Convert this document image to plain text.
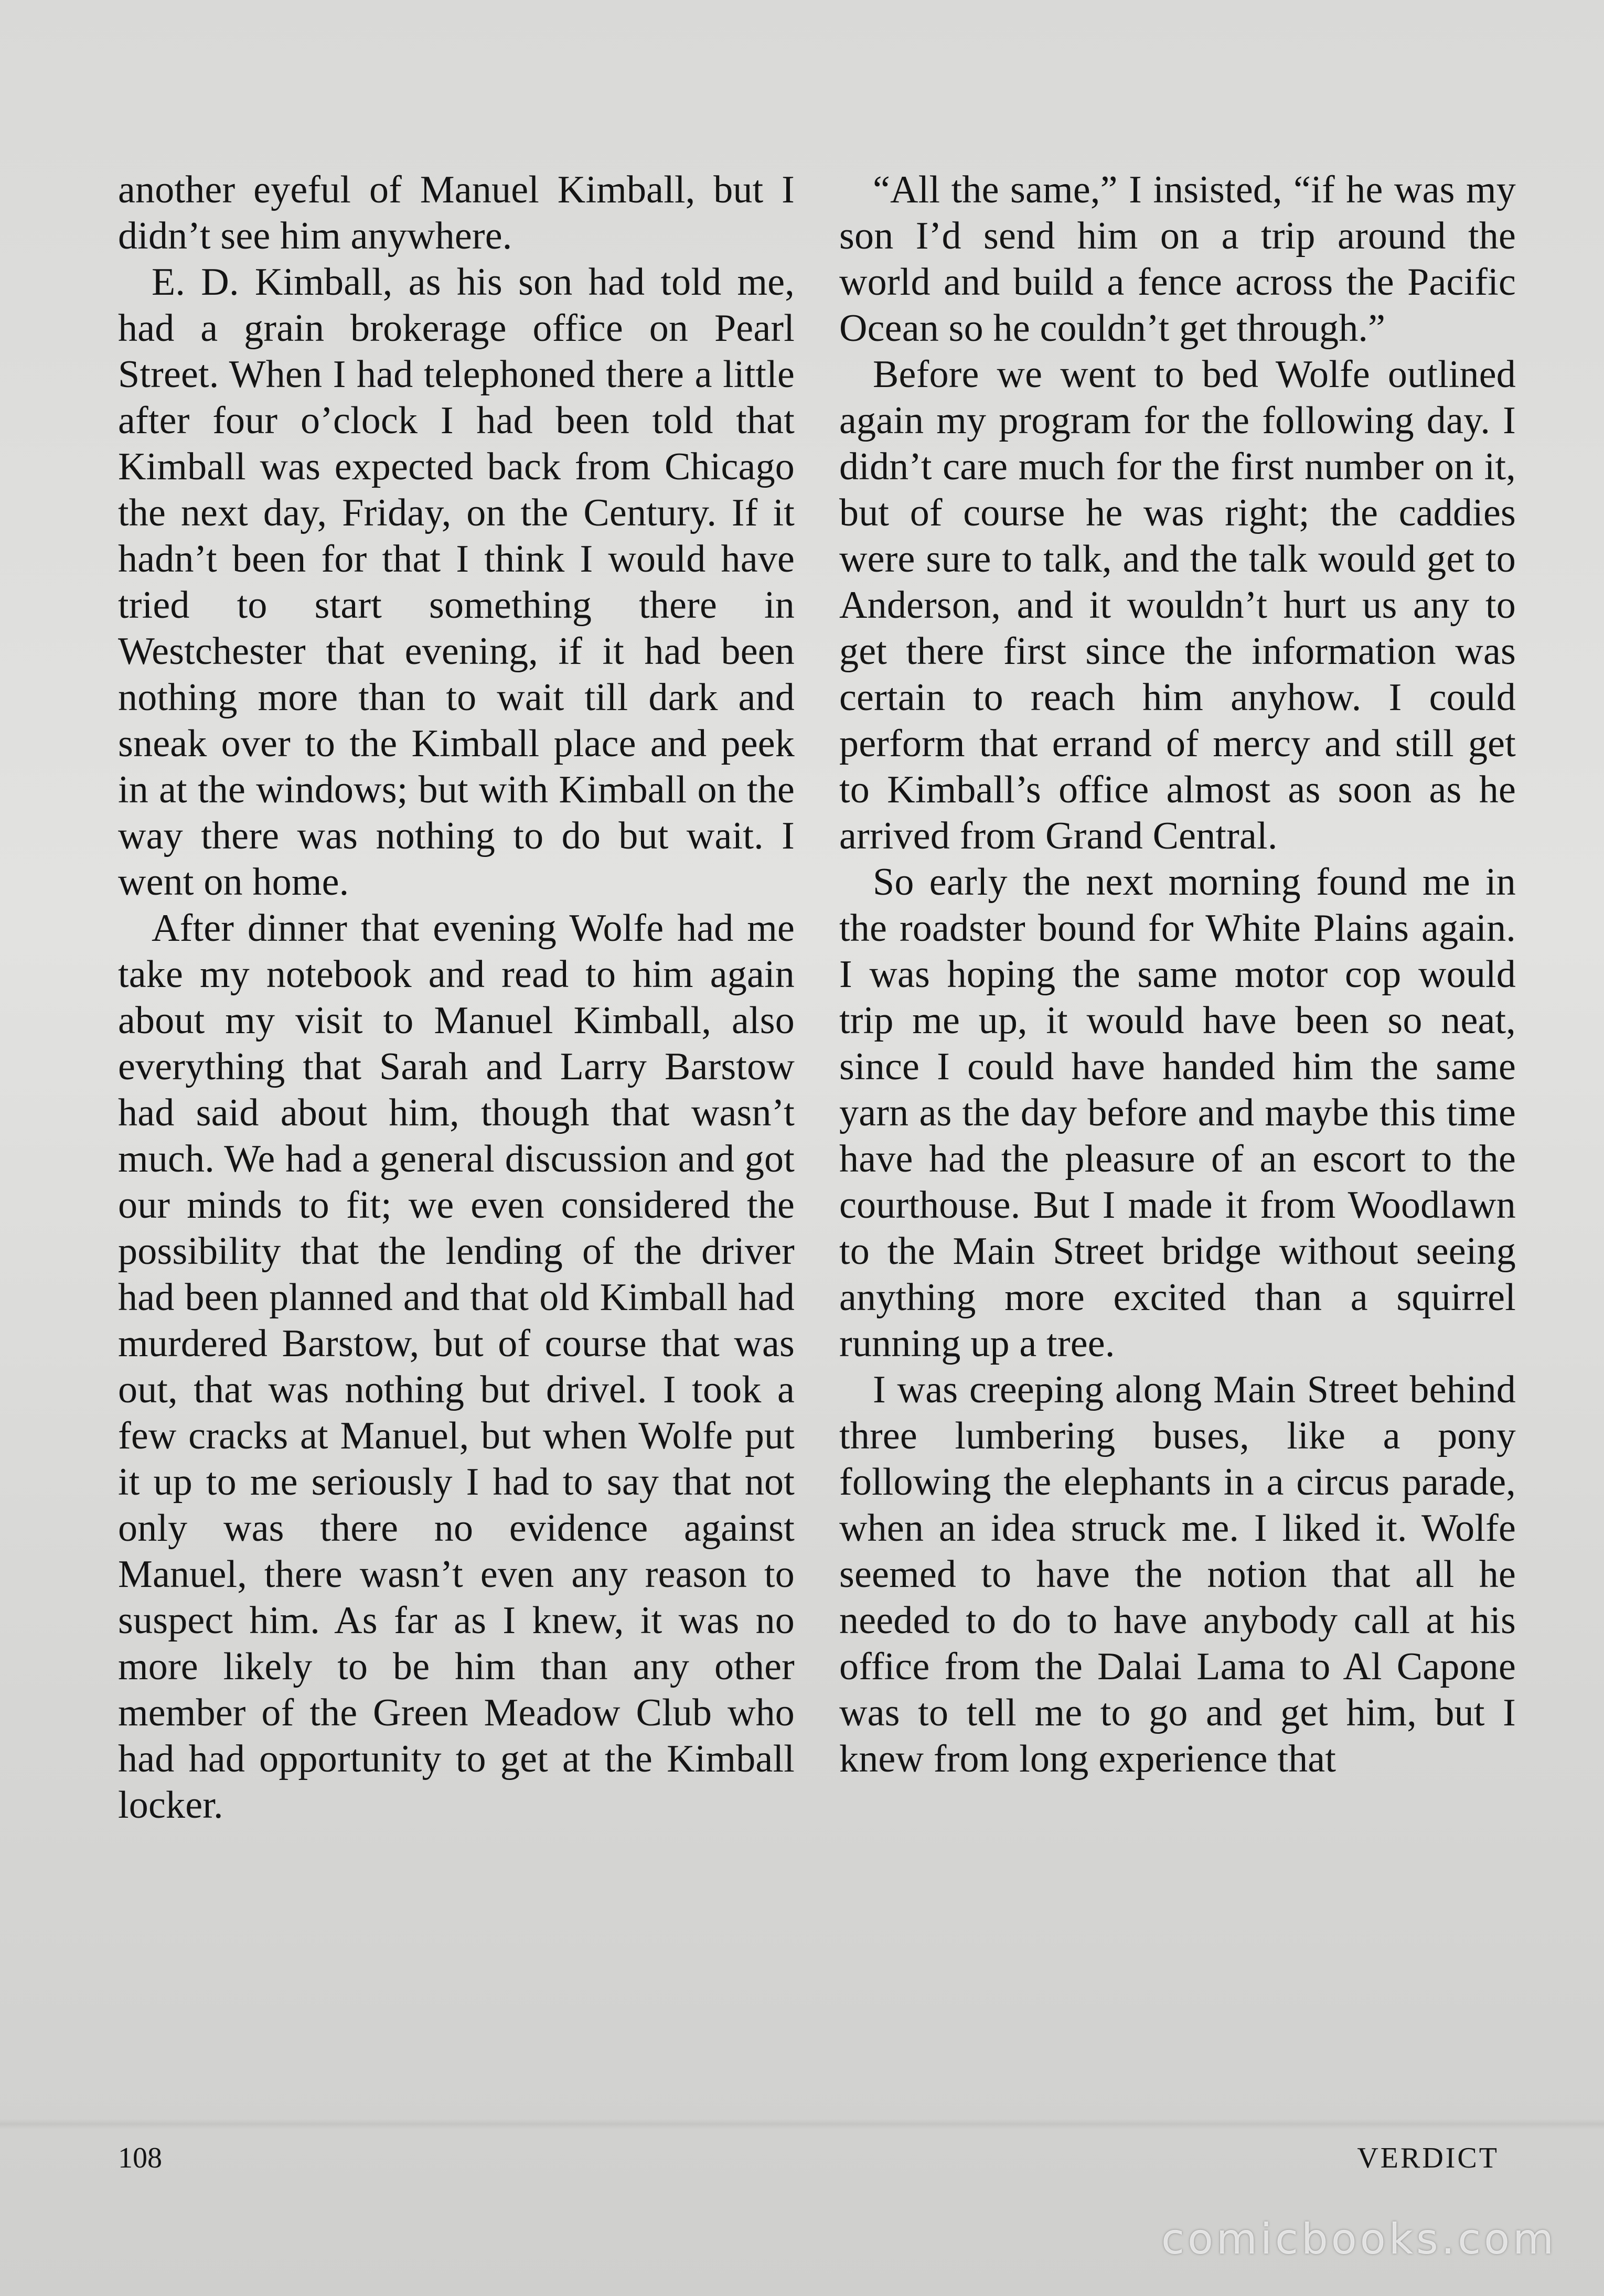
another eyeful of Manuel Kimball, but I didn’t see him anywhere.

E. D. Kimball, as his son had told me, had a grain brokerage office on Pearl Street. When I had telephoned there a little after four o’clock I had been told that Kimball was expected back from Chicago the next day, Friday, on the Century. If it hadn’t been for that I think I would have tried to start something there in Westchester that evening, if it had been nothing more than to wait till dark and sneak over to the Kimball place and peek in at the windows; but with Kimball on the way there was nothing to do but wait. I went on home.

After dinner that evening Wolfe had me take my notebook and read to him again about my visit to Manuel Kimball, also everything that Sarah and Larry Barstow had said about him, though that wasn’t much. We had a general discussion and got our minds to fit; we even considered the possibility that the lending of the driver had been planned and that old Kimball had murdered Barstow, but of course that was out, that was nothing but drivel. I took a few cracks at Manuel, but when Wolfe put it up to me seriously I had to say that not only was there no evidence against Manuel, there wasn’t even any reason to suspect him. As far as I knew, it was no more likely to be him than any other member of the Green Meadow Club who had had opportunity to get at the Kimball locker.

“All the same,” I insisted, “if he was my son I’d send him on a trip around the world and build a fence across the Pacific Ocean so he couldn’t get through.”

Before we went to bed Wolfe outlined again my program for the following day. I didn’t care much for the first number on it, but of course he was right; the caddies were sure to talk, and the talk would get to Anderson, and it wouldn’t hurt us any to get there first since the information was certain to reach him anyhow. I could perform that errand of mercy and still get to Kimball’s office almost as soon as he arrived from Grand Central.

So early the next morning found me in the roadster bound for White Plains again. I was hoping the same motor cop would trip me up, it would have been so neat, since I could have handed him the same yarn as the day before and maybe this time have had the pleasure of an escort to the courthouse. But I made it from Woodlawn to the Main Street bridge without seeing anything more excited than a squirrel running up a tree.

I was creeping along Main Street behind three lumbering buses, like a pony following the elephants in a circus parade, when an idea struck me. I liked it. Wolfe seemed to have the notion that all he needed to do to have anybody call at his office from the Dalai Lama to Al Capone was to tell me to go and get him, but I knew from long experience that

108	VERDICT
comicbooks.com
